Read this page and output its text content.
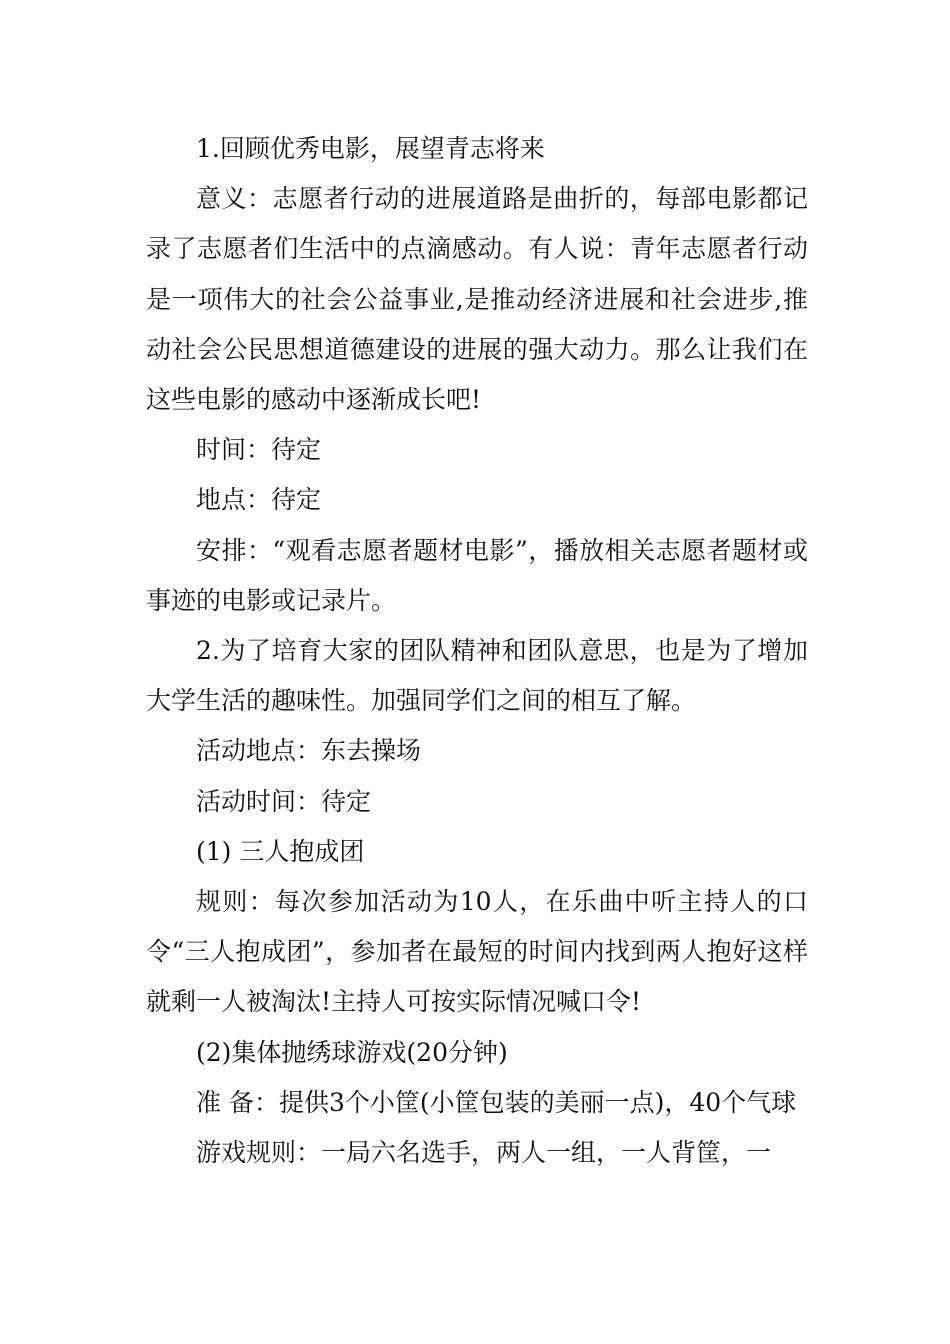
1.回顾优秀电影，展望青志将来

意义：志愿者行动的进展道路是曲折的，每部电影都记录了志愿者们生活中的点滴感动。有人说：青年志愿者行动是一项伟大的社会公益事业,是推动经济进展和社会进步,推动社会公民思想道德建设的进展的强大动力。那么让我们在这些电影的感动中逐渐成长吧!

时间：待定

地点：待定

安排：“观看志愿者题材电影”，播放相关志愿者题材或事迹的电影或记录片。

2.为了培育大家的团队精神和团队意思，也是为了增加大学生活的趣味性。加强同学们之间的相互了解。

活动地点：东去操场

活动时间：待定

(1) 三人抱成团

规则：每次参加活动为10人，在乐曲中听主持人的口令“三人抱成团”，参加者在最短的时间内找到两人抱好这样 就剩一人被淘汰!主持人可按实际情况喊口令!

(2)集体抛绣球游戏(20分钟)

准 备：提供3个小筐(小筐包装的美丽一点)，40个气球

游戏规则：一局六名选手，两人一组，一人背筐，一
